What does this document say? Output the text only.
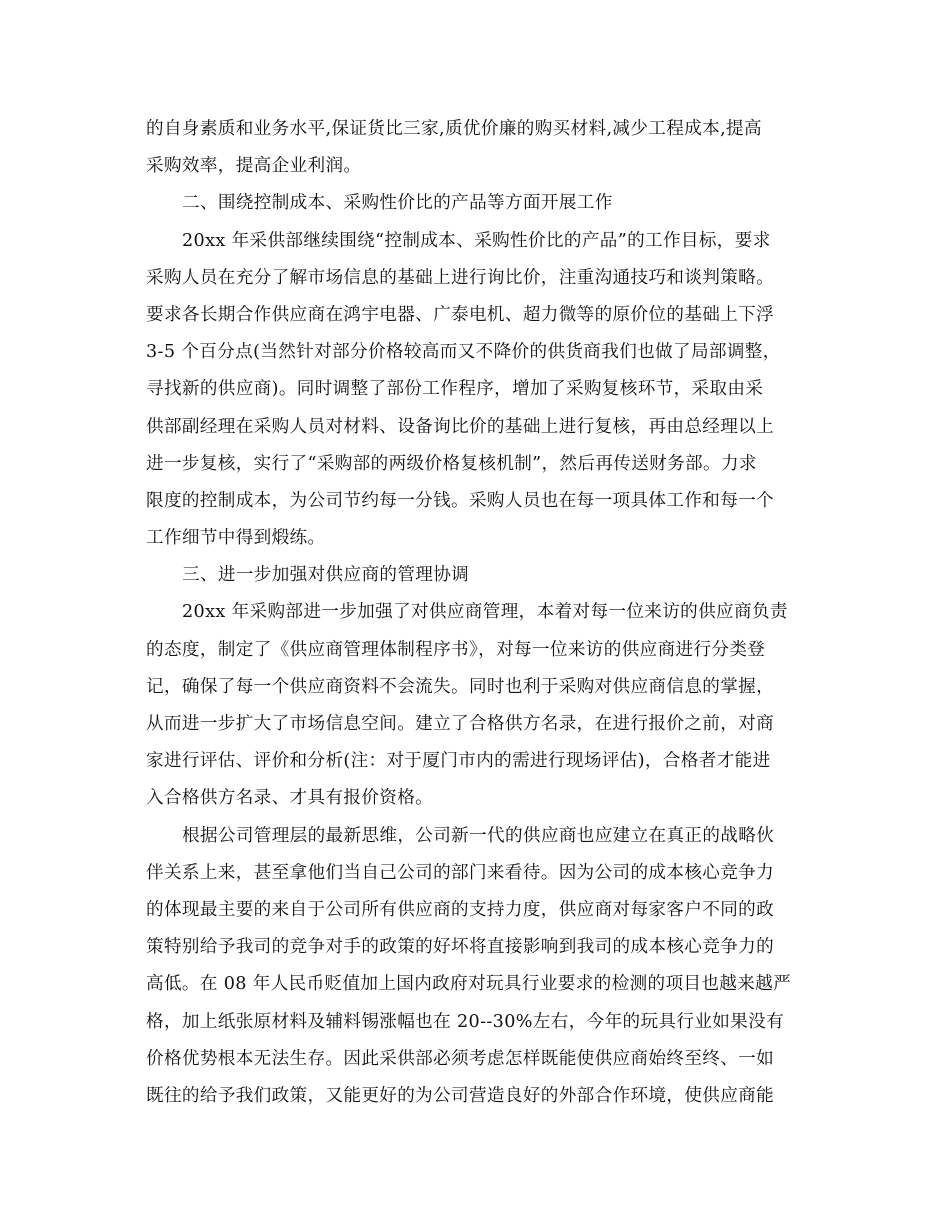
的自身素质和业务水平,保证货比三家,质优价廉的购买材料,减少工程成本,提高
采购效率，提高企业利润。
二、围绕控制成本、采购性价比的产品等方面开展工作
20xx 年采供部继续围绕“控制成本、采购性价比的产品”的工作目标，要求
采购人员在充分了解市场信息的基础上进行询比价，注重沟通技巧和谈判策略。
要求各长期合作供应商在鸿宇电器、广泰电机、超力微等的原价位的基础上下浮
3-5 个百分点(当然针对部分价格较高而又不降价的供货商我们也做了局部调整，
寻找新的供应商)。同时调整了部份工作程序，增加了采购复核环节，采取由采
供部副经理在采购人员对材料、设备询比价的基础上进行复核，再由总经理以上
进一步复核，实行了“采购部的两级价格复核机制”，然后再传送财务部。力求
限度的控制成本，为公司节约每一分钱。采购人员也在每一项具体工作和每一个
工作细节中得到煅练。
三、进一步加强对供应商的管理协调
20xx 年采购部进一步加强了对供应商管理，本着对每一位来访的供应商负责
的态度，制定了《供应商管理体制程序书》，对每一位来访的供应商进行分类登
记，确保了每一个供应商资料不会流失。同时也利于采购对供应商信息的掌握，
从而进一步扩大了市场信息空间。建立了合格供方名录，在进行报价之前，对商
家进行评估、评价和分析(注：对于厦门市内的需进行现场评估)，合格者才能进
入合格供方名录、才具有报价资格。
根据公司管理层的最新思维，公司新一代的供应商也应建立在真正的战略伙
伴关系上来，甚至拿他们当自己公司的部门来看待。因为公司的成本核心竞争力
的体现最主要的来自于公司所有供应商的支持力度，供应商对每家客户不同的政
策特别给予我司的竞争对手的政策的好坏将直接影响到我司的成本核心竞争力的
高低。在 08 年人民币贬值加上国内政府对玩具行业要求的检测的项目也越来越严
格，加上纸张原材料及辅料锡涨幅也在 20--30%左右，今年的玩具行业如果没有
价格优势根本无法生存。因此采供部必须考虑怎样既能使供应商始终至终、一如
既往的给予我们政策，又能更好的为公司营造良好的外部合作环境，使供应商能
